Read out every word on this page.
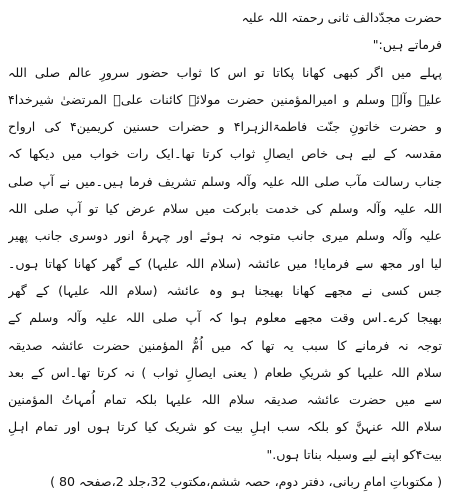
حضرت مجدّدالف ثانی رحمتہ اللہ علیہ
فرماتے ہیں:"
پہلے میں اگر کبھی کھانا پکاتا تو اس کا ثواب حضور سرورِ عالم صلی اللہ
علیہ وآلہ وسلم و امیرالمؤمنین حضرت مولائے کائنات علیؑ المرتضیٰ شیرخدا۴
و حضرت خاتونِ جنّت فاطمۃالزہرا۴ و حضرات حسنین کریمین۴ کی ارواح
مقدسہ کے لیے ہی خاص ایصالِ ثواب کرتا تھا۔ایک رات خواب میں دیکھا کہ
جناب رسالت مآب صلی اللہ علیہ وآلہ وسلم تشریف فرما ہیں۔میں نے آپ صلی
اللہ علیہ وآلہ وسلم کی خدمت بابرکت میں سلام عرض کیا تو آپ صلی اللہ
علیہ وآلہ وسلم میری جانب متوجہ نہ ہوئے اور چہرۂ انور دوسری جانب پھیر
لیا اور مجھ سے فرمایا! میں عائشہ (سلام اللہ علیہا) کے گھر کھانا کھاتا ہوں۔
جس کسی نے مجھے کھانا بھیجنا ہو وہ عائشہ (سلام اللہ علیہا) کے گھر
بھیجا کرے۔اس وقت مجھے معلوم ہوا کہ آپ صلی اللہ علیہ وآلہ وسلم کے
توجہ نہ فرمانے کا سبب یہ تھا کہ میں اُمُّ المؤمنین حضرت عائشہ صدیقہ
سلام اللہ علیہا کو شریکِ طعام ( یعنی ایصالِ ثواب ) نہ کرتا تھا۔اس کے بعد
سے میں حضرت عائشہ صدیقہ سلام اللہ علیہا بلکہ تمام اُمہاتُ المؤمنین
سلام اللہ عنہنَّ کو بلکہ سب اہلِ بیت کو شریک کیا کرتا ہوں اور تمام اہلِ
بیت۴کو اپنے لیے وسیلہ بناتا ہوں."
( مکتوباتِ امامِ ربانی، دفتر دوم، حصہ ششم،مکتوب 32،جلد 2،صفحہ 80 )
